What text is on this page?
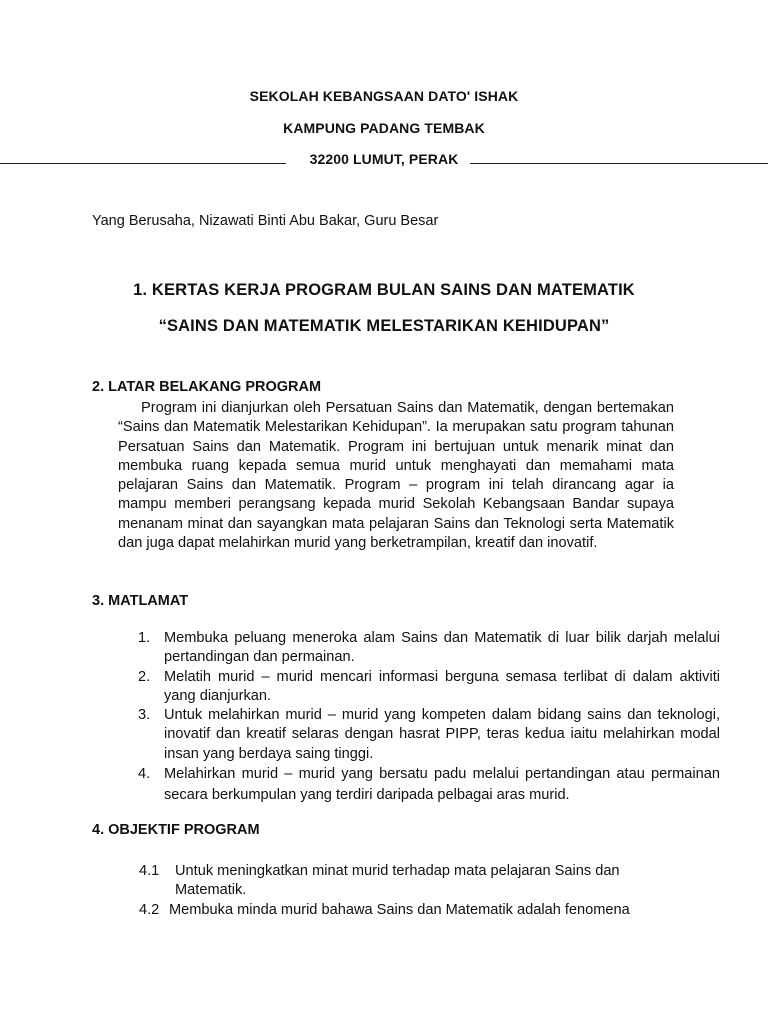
SEKOLAH KEBANGSAAN DATO' ISHAK
KAMPUNG PADANG TEMBAK
32200 LUMUT, PERAK
Yang Berusaha, Nizawati Binti Abu Bakar, Guru Besar
1. KERTAS KERJA PROGRAM BULAN SAINS DAN MATEMATIK
“SAINS DAN MATEMATIK MELESTARIKAN KEHIDUPAN”
2. LATAR BELAKANG PROGRAM

Program ini dianjurkan oleh Persatuan Sains dan Matematik, dengan bertemakan “Sains dan Matematik Melestarikan Kehidupan”. Ia merupakan satu program tahunan Persatuan Sains dan Matematik. Program ini bertujuan untuk menarik minat dan membuka ruang kepada semua murid untuk menghayati dan memahami mata pelajaran Sains dan Matematik. Program – program ini telah dirancang agar ia mampu memberi perangsang kepada murid Sekolah Kebangsaan Bandar supaya menanam minat dan sayangkan mata pelajaran Sains dan Teknologi serta Matematik dan juga dapat melahirkan murid yang berketrampilan, kreatif dan inovatif.

3. MATLAMAT
1. Membuka peluang meneroka alam Sains dan Matematik di luar bilik darjah melalui pertandingan dan permainan.
2. Melatih murid – murid mencari informasi berguna semasa terlibat di dalam aktiviti yang dianjurkan.
3. Untuk melahirkan murid – murid yang kompeten dalam bidang sains dan teknologi, inovatif dan kreatif selaras dengan hasrat PIPP, teras kedua iaitu melahirkan modal insan yang berdaya saing tinggi.
4. Melahirkan murid – murid yang bersatu padu melalui pertandingan atau permainan secara berkumpulan yang terdiri daripada pelbagai aras murid.
4. OBJEKTIF PROGRAM
4.1	Untuk meningkatkan minat murid terhadap mata pelajaran Sains dan
Matematik.
4.2 Membuka minda murid bahawa Sains dan Matematik adalah fenomena
